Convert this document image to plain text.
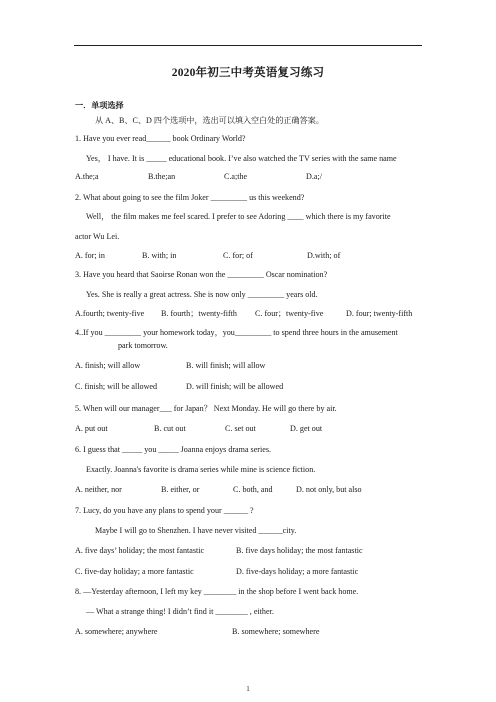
2020年初三中考英语复习练习
一．单项选择
从 A、B、C、D 四个选项中，选出可以填入空白处的正确答案。
1. Have you ever read______ book Ordinary World?
Yes， I have. It is _____ educational book. I’ve also watched the TV series with the same name
A.the;a	B.the;an	C.a;the	D.a;/
2. What about going to see the film Joker _________ us this weekend?
Well， the film makes me feel scared. I prefer to see Adoring ____ which there is my favorite
actor Wu Lei.
A. for; in	B. with; in	C. for; of	D.with; of
3. Have you heard that Saoirse Ronan won the _________ Oscar nomination?
Yes. She is really a great actress. She is now only _________ years old.
A.fourth; twenty-five B. fourth；twenty-fifth C. four；twenty-five	D. four; twenty-fifth
4..If you _________ your homework today，you_________ to spend three hours in the amusement
park tomorrow.
A. finish; will allow	B. will finish; will allow
C. finish; will be allowed	D. will finish; will be allowed
5. When will our manager___ for Japan？ Next Monday. He will go there by air.
A. put out	B. cut out	C. set out	D. get out
6. I guess that _____ you _____ Joanna enjoys drama series.
Exactly. Joanna's favorite is drama series while mine is science fiction.
A. neither, nor	B. either, or	C. both, and	D. not only, but also
7. Lucy, do you have any plans to spend your ______ ?
Maybe I will go to Shenzhen. I have never visited ______city.
A. five days’ holiday; the most fantastic	B. five days holiday; the most fantastic
C. five-day holiday; a more fantastic	D. five-days holiday; a more fantastic
8. —Yesterday afternoon, I left my key ________ in the shop before I went back home.
— What a strange thing! I didn’t find it ________ , either.
A. somewhere; anywhere	B. somewhere; somewhere
1
